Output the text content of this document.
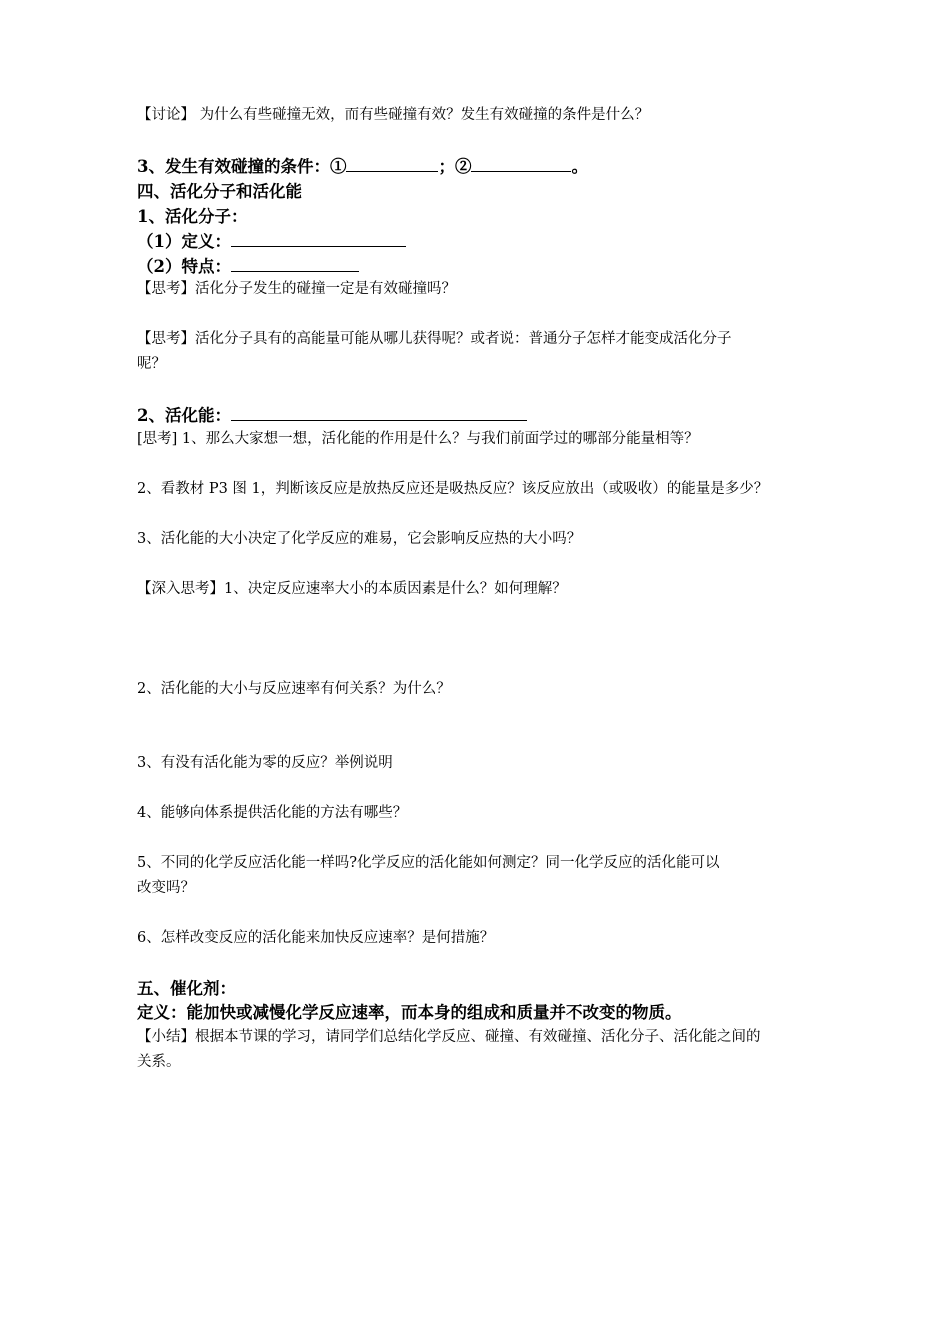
【讨论】 为什么有些碰撞无效，而有些碰撞有效？发生有效碰撞的条件是什么？
3、发生有效碰撞的条件：①	；②	。
四、活化分子和活化能
1、活化分子：
（1）定义：
（2）特点：
【思考】活化分子发生的碰撞一定是有效碰撞吗？
【思考】活化分子具有的高能量可能从哪儿获得呢？或者说：普通分子怎样才能变成活化分子
呢？
2、活化能：
[思考] 1、那么大家想一想，活化能的作用是什么？与我们前面学过的哪部分能量相等？
2、看教材 P3 图 1，判断该反应是放热反应还是吸热反应？该反应放出（或吸收）的能量是多少？
3、活化能的大小决定了化学反应的难易，它会影响反应热的大小吗？
【深入思考】1、决定反应速率大小的本质因素是什么？如何理解？
2、活化能的大小与反应速率有何关系？为什么？
3、有没有活化能为零的反应？举例说明
4、能够向体系提供活化能的方法有哪些？
5、不同的化学反应活化能一样吗?化学反应的活化能如何测定？同一化学反应的活化能可以
改变吗？
6、怎样改变反应的活化能来加快反应速率？是何措施？
五、催化剂：
定义：能加快或减慢化学反应速率，而本身的组成和质量并不改变的物质。
【小结】根据本节课的学习，请同学们总结化学反应、碰撞、有效碰撞、活化分子、活化能之间的
关系。
